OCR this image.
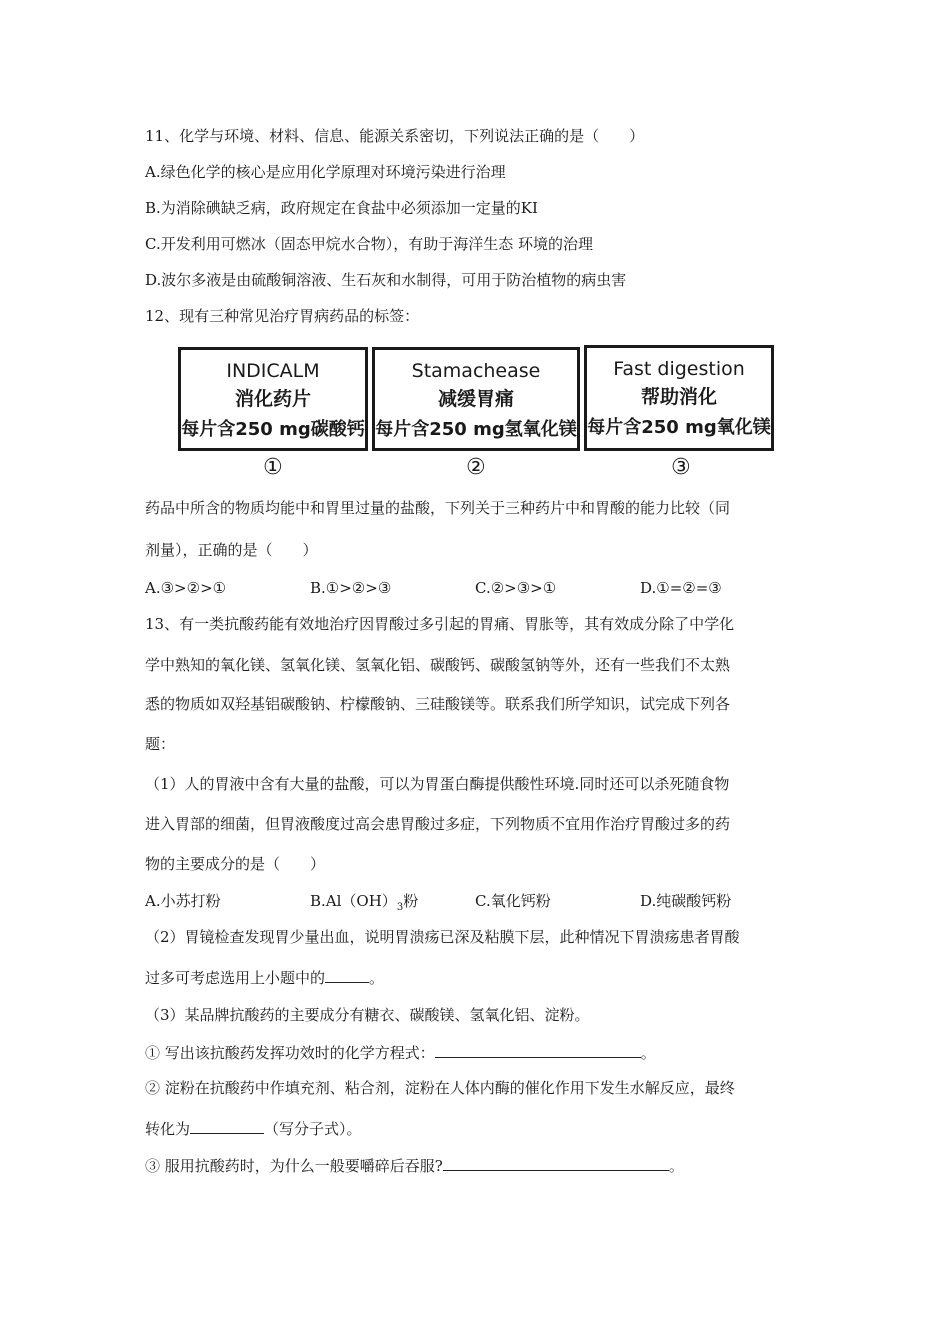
11、化学与环境、材料、信息、能源关系密切，下列说法正确的是（　　）
A.绿色化学的核心是应用化学原理对环境污染进行治理
B.为消除碘缺乏病，政府规定在食盐中必须添加一定量的KI
C.开发利用可燃冰（固态甲烷水合物），有助于海洋生态 环境的治理
D.波尔多液是由硫酸铜溶液、生石灰和水制得，可用于防治植物的病虫害
12、现有三种常见治疗胃病药品的标签：
INDICALM
消化药片
每片含250 mg碳酸钙
Stamachease
减缓胃痛
每片含250 mg氢氧化镁
Fast digestion
帮助消化
每片含250 mg氧化镁
①	②	③
药品中所含的物质均能中和胃里过量的盐酸，下列关于三种药片中和胃酸的能力比较（同
剂量），正确的是（　　）
A.③>②>①	B.①>②>③	C.②>③>①	D.①=②=③
13、有一类抗酸药能有效地治疗因胃酸过多引起的胃痛、胃胀等，其有效成分除了中学化
学中熟知的氧化镁、氢氧化镁、氢氧化铝、碳酸钙、碳酸氢钠等外，还有一些我们不太熟
悉的物质如双羟基铝碳酸钠、柠檬酸钠、三硅酸镁等。联系我们所学知识，试完成下列各
题：
（1）人的胃液中含有大量的盐酸，可以为胃蛋白酶提供酸性环境.同时还可以杀死随食物
进入胃部的细菌，但胃液酸度过高会患胃酸过多症，下列物质不宜用作治疗胃酸过多的药
物的主要成分的是（　　）
A.小苏打粉	$B.Al(OH)_3$粉	C.氧化钙粉	D.纯碳酸钙粉
（2）胃镜检查发现胃少量出血，说明胃溃疡已深及粘膜下层，此种情况下胃溃疡患者胃酸
过多可考虑选用上小题中的	。
（3）某品牌抗酸药的主要成分有糖衣、碳酸镁、氢氧化铝、淀粉。
① 写出该抗酸药发挥功效时的化学方程式：	。
② 淀粉在抗酸药中作填充剂、粘合剂，淀粉在人体内酶的催化作用下发生水解反应，最终
转化为	（写分子式）。
③ 服用抗酸药时，为什么一般要嚼碎后吞服?	。
